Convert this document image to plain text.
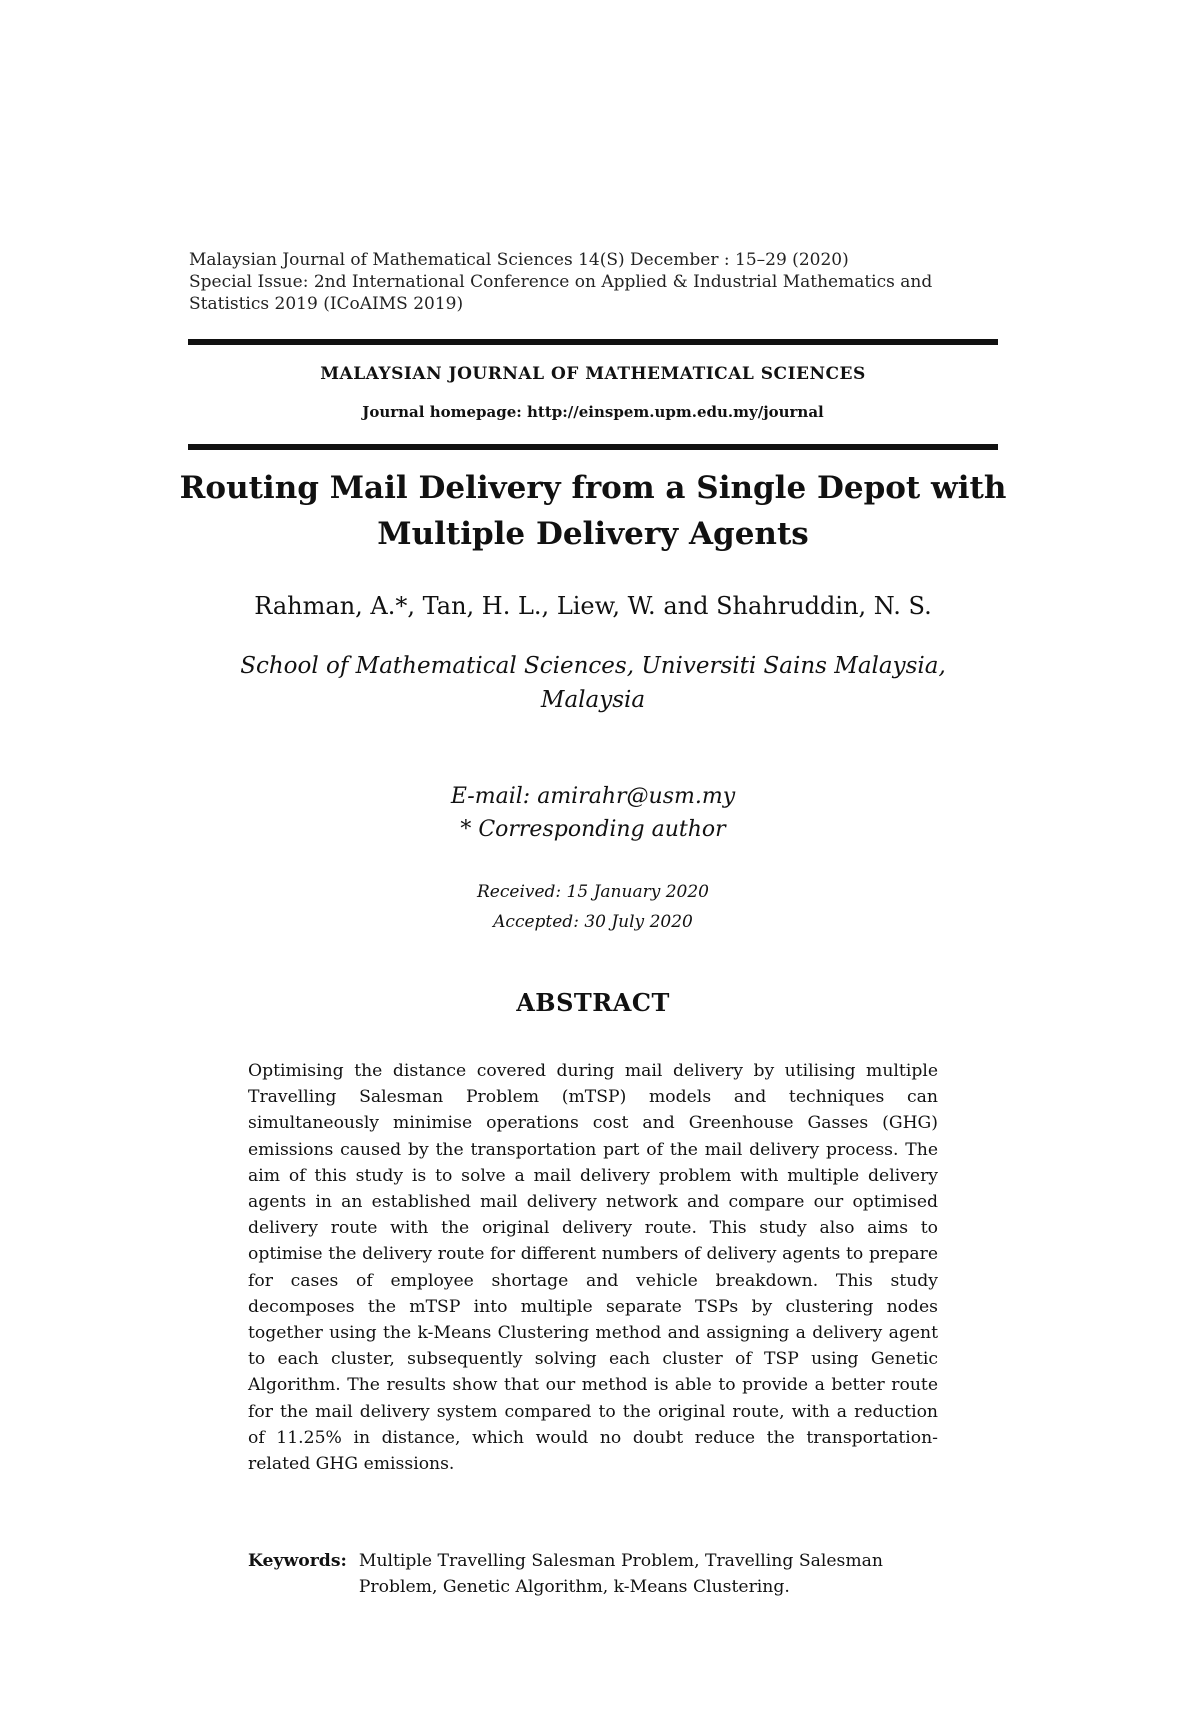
Malaysian Journal of Mathematical Sciences 14(S) December : 15–29 (2020)
Special Issue: 2nd International Conference on Applied & Industrial Mathematics and Statistics 2019 (ICoAIMS 2019)
MALAYSIAN JOURNAL OF MATHEMATICAL SCIENCES
Journal homepage: http://einspem.upm.edu.my/journal
Routing Mail Delivery from a Single Depot with
Multiple Delivery Agents
Rahman, A.*, Tan, H. L., Liew, W. and Shahruddin, N. S.
School of Mathematical Sciences, Universiti Sains Malaysia,
Malaysia
E-mail: amirahr@usm.my
* Corresponding author
Received: 15 January 2020
Accepted: 30 July 2020
ABSTRACT
Optimising the distance covered during mail delivery by utilising multiple Travelling Salesman Problem (mTSP) models and techniques can simultaneously minimise operations cost and Greenhouse Gasses (GHG) emissions caused by the transportation part of the mail delivery process. The aim of this study is to solve a mail delivery problem with multiple delivery agents in an established mail delivery network and compare our optimised delivery route with the original delivery route. This study also aims to optimise the delivery route for different numbers of delivery agents to prepare for cases of employee shortage and vehicle breakdown. This study decomposes the mTSP into multiple separate TSPs by clustering nodes together using the k-Means Clustering method and assigning a delivery agent to each cluster, subsequently solving each cluster of TSP using Genetic Algorithm. The results show that our method is able to provide a better route for the mail delivery system compared to the original route, with a reduction of 11.25% in distance, which would no doubt reduce the transportation-related GHG emissions.
Keywords: Multiple Travelling Salesman Problem, Travelling Salesman Problem, Genetic Algorithm, k-Means Clustering.
